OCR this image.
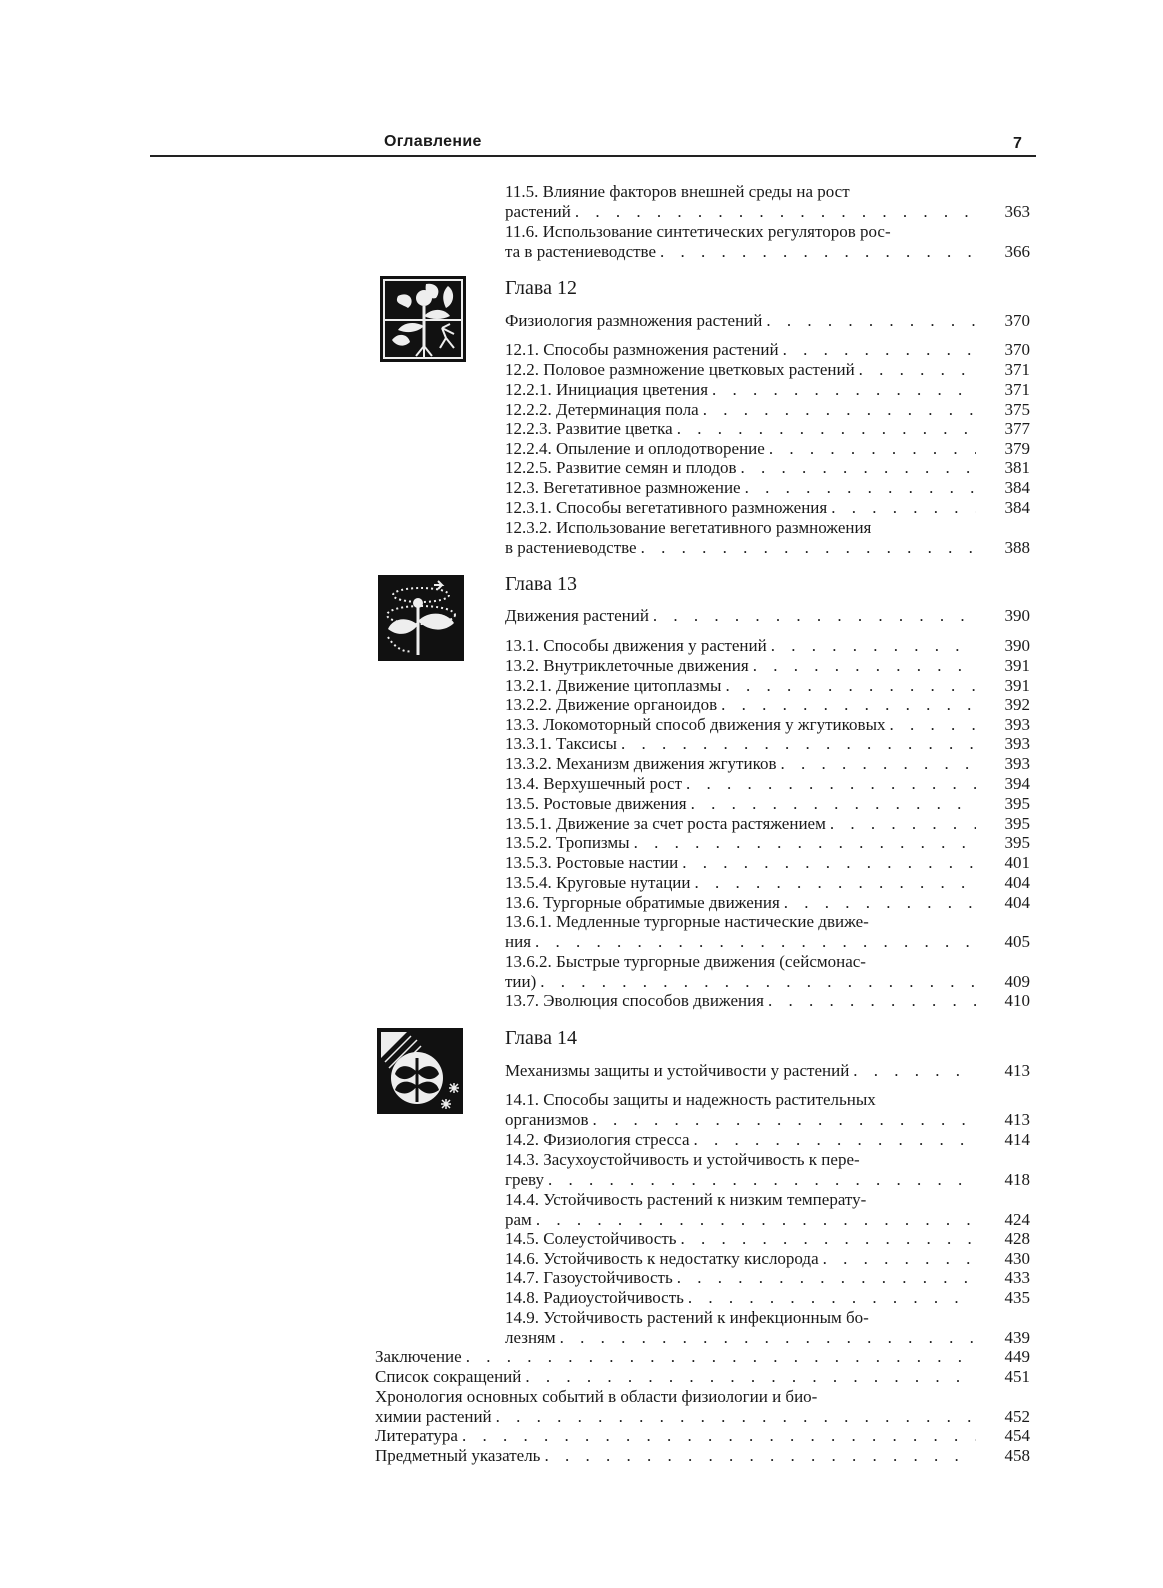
Оглавление	7
Глава 12
Глава 13
Глава 14
11.5. Влияние факторов внешней среды на рост
растений . . .	363
11.6. Использование синтетических регуляторов рос-
та в растениеводстве . . .	366
Физиология размножения растений . . .	370
12.1. Способы размножения растений . . .	370
12.2. Половое размножение цветковых растений . . .	371
12.2.1. Инициация цветения . . .	371
12.2.2. Детерминация пола . . .	375
12.2.3. Развитие цветка . . .	377
12.2.4. Опыление и оплодотворение . . .	379
12.2.5. Развитие семян и плодов . . .	381
12.3. Вегетативное размножение . . .	384
12.3.1. Способы вегетативного размножения . . .	384
12.3.2. Использование вегетативного размножения
в растениеводстве . . .	388
Движения растений . . .	390
13.1. Способы движения у растений . . .	390
13.2. Внутриклеточные движения . . .	391
13.2.1. Движение цитоплазмы . . .	391
13.2.2. Движение органоидов . . .	392
13.3. Локомоторный способ движения у жгутиковых . . .	393
13.3.1. Таксисы . . .	393
13.3.2. Механизм движения жгутиков . . .	393
13.4. Верхушечный рост . . .	394
13.5. Ростовые движения . . .	395
13.5.1. Движение за счет роста растяжением . . .	395
13.5.2. Тропизмы . . .	395
13.5.3. Ростовые настии . . .	401
13.5.4. Круговые нутации . . .	404
13.6. Тургорные обратимые движения . . .	404
13.6.1. Медленные тургорные настические движе-
ния . . .	405
13.6.2. Быстрые тургорные движения (сейсмонас-
тии) . . .	409
13.7. Эволюция способов движения . . .	410
Механизмы защиты и устойчивости у растений . . .	413
14.1. Способы защиты и надежность растительных
организмов . . .	413
14.2. Физиология стресса . . .	414
14.3. Засухоустойчивость и устойчивость к пере-
греву . . .	418
14.4. Устойчивость растений к низким температу-
рам . . .	424
14.5. Солеустойчивость . . .	428
14.6. Устойчивость к недостатку кислорода . . .	430
14.7. Газоустойчивость . . .	433
14.8. Радиоустойчивость . . .	435
14.9. Устойчивость растений к инфекционным бо-
лезням . . .	439
Заключение . . .	449
Список сокращений . . .	451
Хронология основных событий в области физиологии и био-
химии растений . . .	452
Литература . . .	454
Предметный указатель . . .	458
